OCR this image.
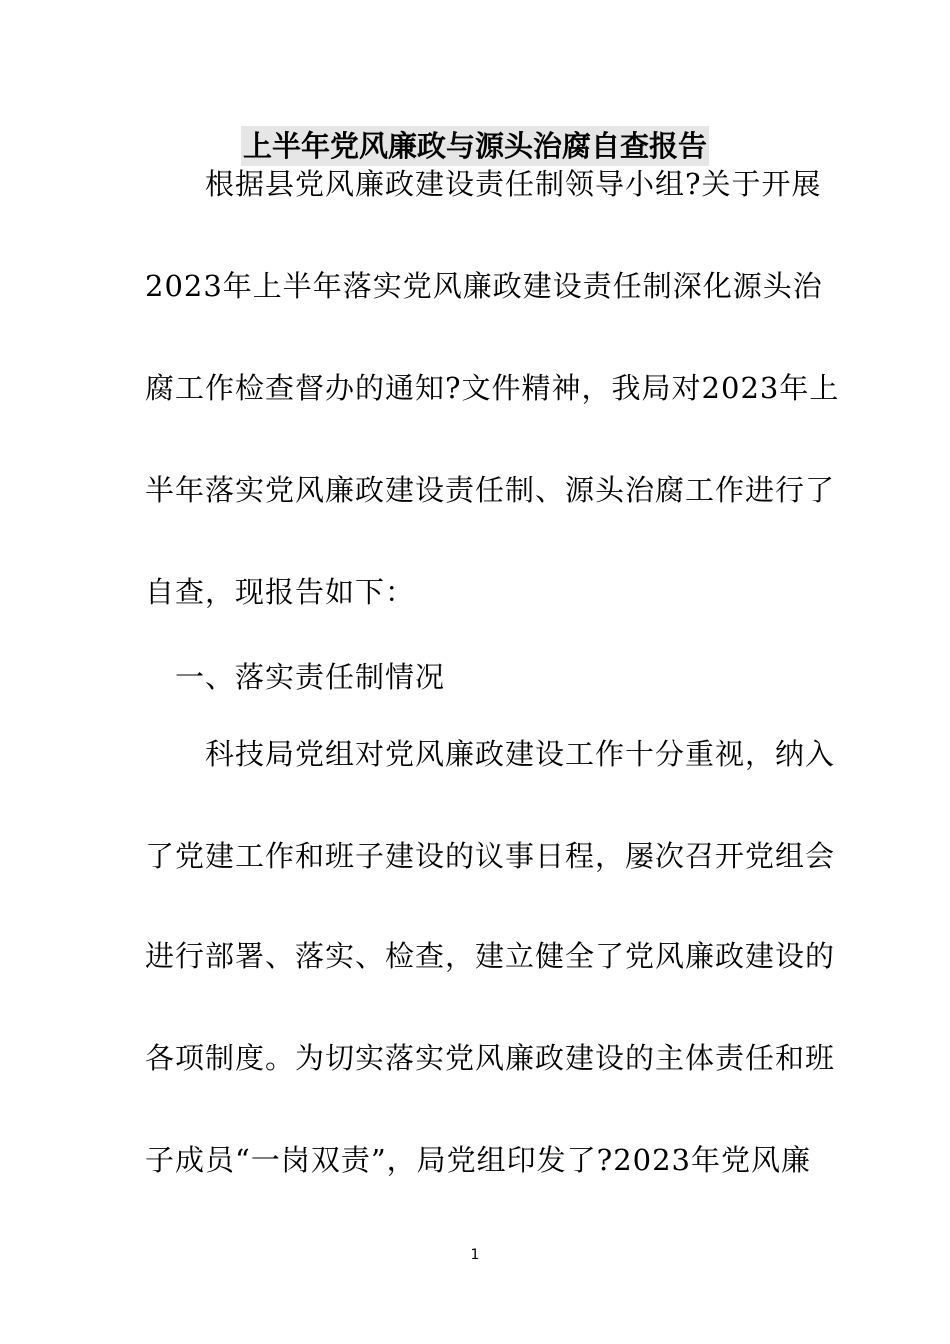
上半年党风廉政与源头治腐自查报告
　　根据县党风廉政建设责任制领导小组?关于开展
2023年上半年落实党风廉政建设责任制深化源头治
腐工作检查督办的通知?文件精神，我局对2023年上
半年落实党风廉政建设责任制、源头治腐工作进行了
自查，现报告如下：
　一、落实责任制情况
　　科技局党组对党风廉政建设工作十分重视，纳入
了党建工作和班子建设的议事日程，屡次召开党组会
进行部署、落实、检查，建立健全了党风廉政建设的
各项制度。为切实落实党风廉政建设的主体责任和班
子成员“一岗双责”，局党组印发了?2023年党风廉
1
